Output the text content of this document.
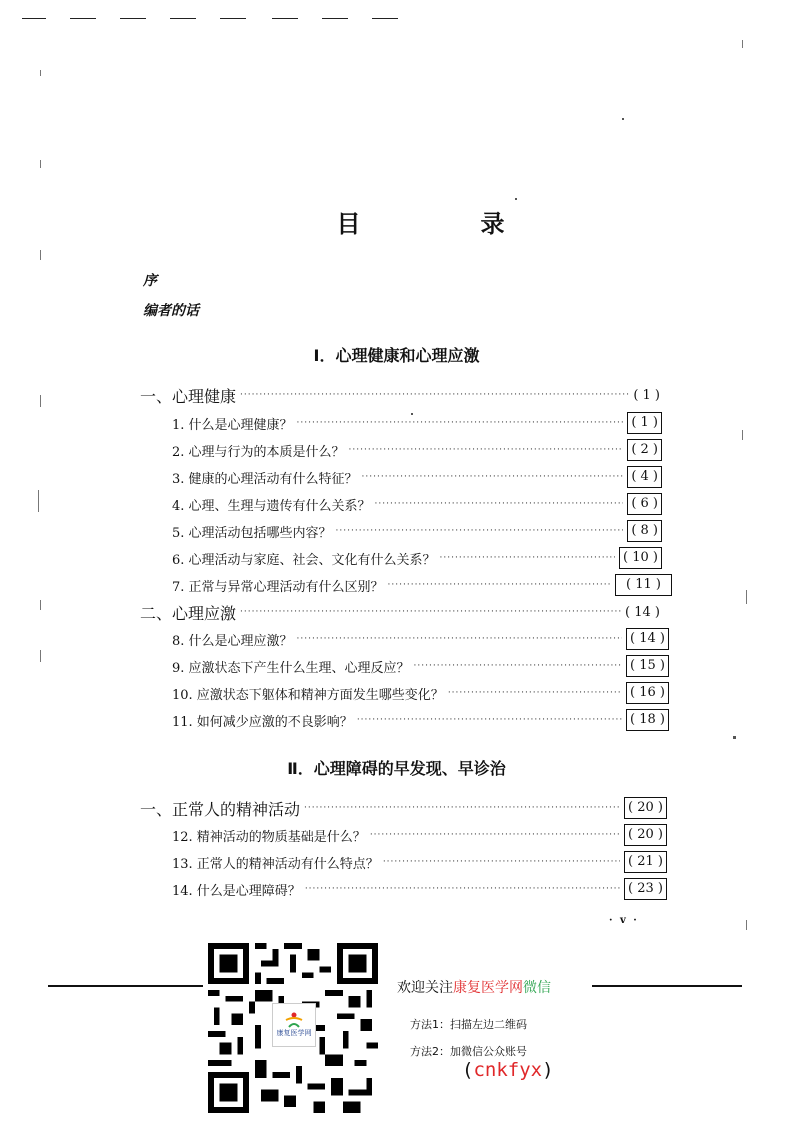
目　录
序
编者的话
Ⅰ．心理健康和心理应激
一、心理健康 ·····	( 1 )
1. 什么是心理健康？ ·····	( 1 )
2. 心理与行为的本质是什么？ ·····	( 2 )
3. 健康的心理活动有什么特征？ ·····	( 4 )
4. 心理、生理与遗传有什么关系？ ·····	( 6 )
5. 心理活动包括哪些内容？ ·····	( 8 )
6. 心理活动与家庭、社会、文化有什么关系？ ·····	( 10 )
7. 正常与异常心理活动有什么区别？ ·····	( 11 )
二、心理应激 ·····	( 14 )
8. 什么是心理应激？ ·····	( 14 )
9. 应激状态下产生什么生理、心理反应？ ·····	( 15 )
10. 应激状态下躯体和精神方面发生哪些变化？ ·····	( 16 )
11. 如何减少应激的不良影响？ ·····	( 18 )
Ⅱ．心理障碍的早发现、早诊治
一、正常人的精神活动 ·····	( 20 )
12. 精神活动的物质基础是什么？ ·····	( 20 )
13. 正常人的精神活动有什么特点？ ·····	( 21 )
14. 什么是心理障碍？ ·····	( 23 )
· v ·
康复医学网
欢迎关注康复医学网微信
方法1：扫描左边二维码
方法2：加微信公众账号
(cnkfyx)
